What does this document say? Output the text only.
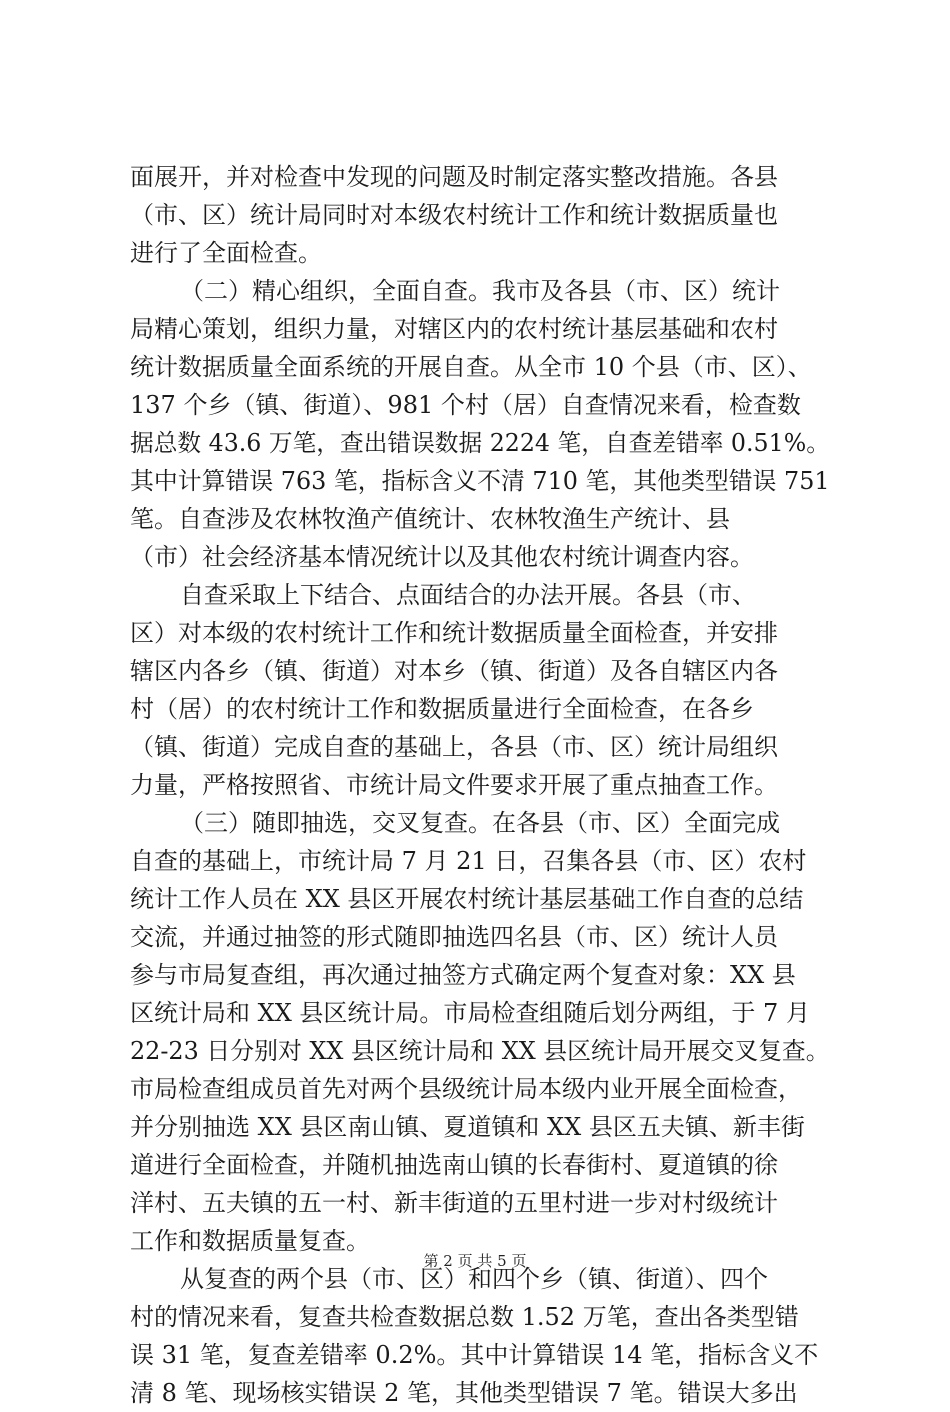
面展开，并对检查中发现的问题及时制定落实整改措施。各县
（市、区）统计局同时对本级农村统计工作和统计数据质量也
进行了全面检查。
（二）精心组织，全面自查。我市及各县（市、区）统计
局精心策划，组织力量，对辖区内的农村统计基层基础和农村
统计数据质量全面系统的开展自查。从全市 10 个县（市、区）、
137 个乡（镇、街道）、981 个村（居）自查情况来看，检查数
据总数 43.6 万笔，查出错误数据 2224 笔，自查差错率 0.51%。
其中计算错误 763 笔，指标含义不清 710 笔，其他类型错误 751
笔。自查涉及农林牧渔产值统计、农林牧渔生产统计、县
（市）社会经济基本情况统计以及其他农村统计调查内容。
自查采取上下结合、点面结合的办法开展。各县（市、
区）对本级的农村统计工作和统计数据质量全面检查，并安排
辖区内各乡（镇、街道）对本乡（镇、街道）及各自辖区内各
村（居）的农村统计工作和数据质量进行全面检查，在各乡
（镇、街道）完成自查的基础上，各县（市、区）统计局组织
力量，严格按照省、市统计局文件要求开展了重点抽查工作。
（三）随即抽选，交叉复查。在各县（市、区）全面完成
自查的基础上，市统计局 7 月 21 日，召集各县（市、区）农村
统计工作人员在 XX 县区开展农村统计基层基础工作自查的总结
交流，并通过抽签的形式随即抽选四名县（市、区）统计人员
参与市局复查组，再次通过抽签方式确定两个复查对象：XX 县
区统计局和 XX 县区统计局。市局检查组随后划分两组，于 7 月
22-23 日分别对 XX 县区统计局和 XX 县区统计局开展交叉复查。
市局检查组成员首先对两个县级统计局本级内业开展全面检查，
并分别抽选 XX 县区南山镇、夏道镇和 XX 县区五夫镇、新丰街
道进行全面检查，并随机抽选南山镇的长春街村、夏道镇的徐
洋村、五夫镇的五一村、新丰街道的五里村进一步对村级统计
工作和数据质量复查。
从复查的两个县（市、区）和四个乡（镇、街道）、四个
村的情况来看，复查共检查数据总数 1.52 万笔，查出各类型错
误 31 笔，复查差错率 0.2%。其中计算错误 14 笔，指标含义不
清 8 笔、现场核实错误 2 笔，其他类型错误 7 笔。错误大多出
第 2 页 共 5 页
